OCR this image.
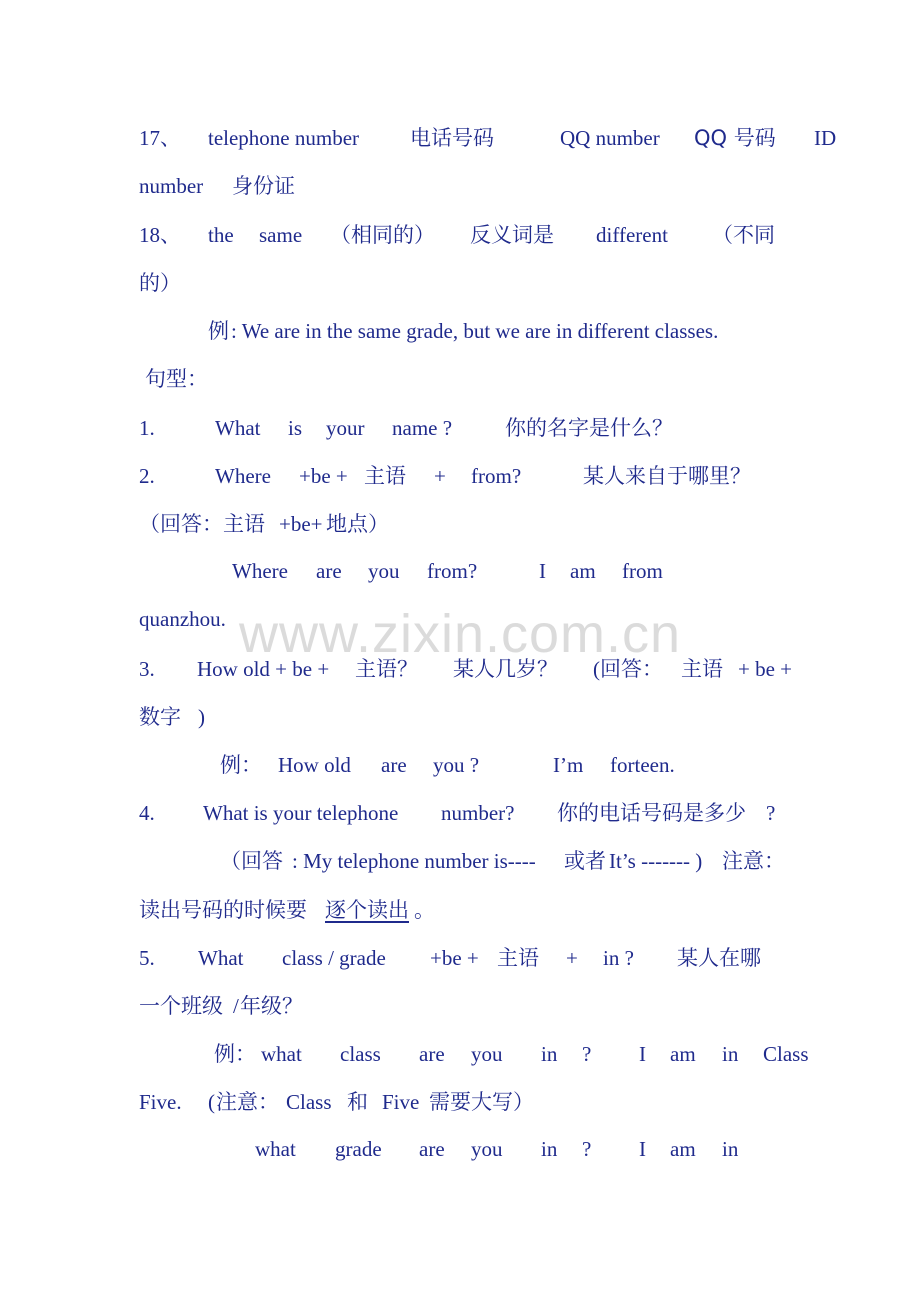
17、 telephone number 电话号码	QQ number QQ 号码 ID
number 身份证
18、 the same （相同的） 反义词是 different （不同
的）
例 : We are in the same grade, but we are in different classes.
句型：
1.	What is your name ?	你的名字是什么？
2.	Where +be + 主语 + from?	某人来自于哪里？
（回答：主语 +be+ 地点）
Where are you from?	I am from
quanzhou.
3. How old + be + 主语？ 某人几岁？ ( 回答： 主语 + be +
数字 )
例： How old are you ?	I’m forteen.
4. What is your telephone number? 你的电话号码是多少 ?
（回答 : My telephone number is---- 或者 It’s ------- ) 注意：
读出号码的时候要 逐个读出 。
5. What class / grade +be + 主语 + in ? 某人在哪
一个班级 / 年级？
例： what class are you in ? I am in Class
Five. ( 注意： Class 和 Five 需要大写）
what grade are you in ? I am in
www.zixin.com.cn
